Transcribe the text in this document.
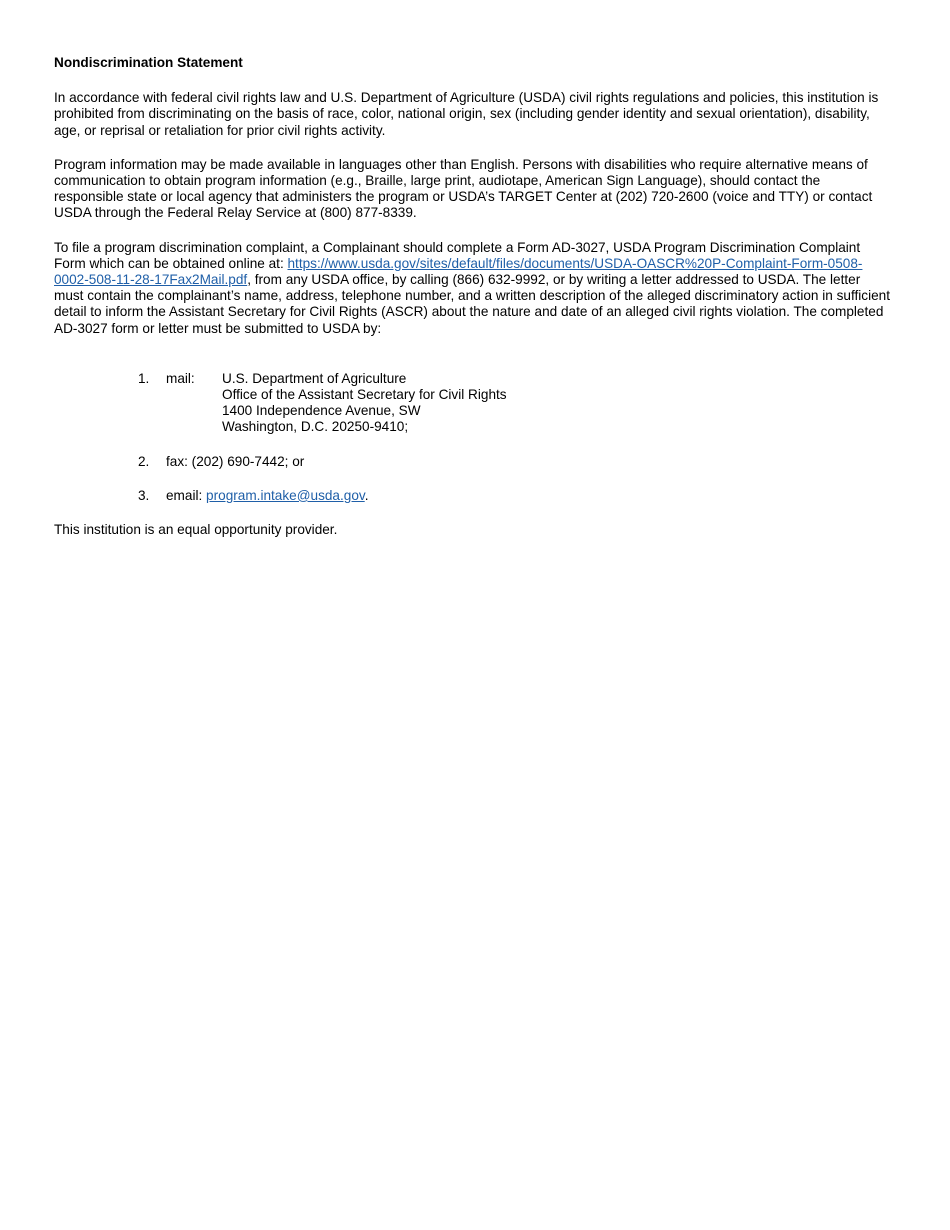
Nondiscrimination Statement

In accordance with federal civil rights law and U.S. Department of Agriculture (USDA) civil rights regulations and policies, this institution is prohibited from discriminating on the basis of race, color, national origin, sex (including gender identity and sexual orientation), disability, age, or reprisal or retaliation for prior civil rights activity.

Program information may be made available in languages other than English. Persons with disabilities who require alternative means of communication to obtain program information (e.g., Braille, large print, audiotape, American Sign Language), should contact the responsible state or local agency that administers the program or USDA’s TARGET Center at (202) 720-2600 (voice and TTY) or contact USDA through the Federal Relay Service at (800) 877-8339.

To file a program discrimination complaint, a Complainant should complete a Form AD-3027, USDA Program Discrimination Complaint Form which can be obtained online at: https://www.usda.gov/sites/default/files/documents/USDA-OASCR%20P-Complaint-Form-0508-0002-508-11-28-17Fax2Mail.pdf, from any USDA office, by calling (866) 632-9992, or by writing a letter addressed to USDA. The letter must contain the complainant’s name, address, telephone number, and a written description of the alleged discriminatory action in sufficient detail to inform the Assistant Secretary for Civil Rights (ASCR) about the nature and date of an alleged civil rights violation. The completed AD-3027 form or letter must be submitted to USDA by:

1. mail:	U.S. Department of Agriculture
Office of the Assistant Secretary for Civil Rights
1400 Independence Avenue, SW
Washington, D.C. 20250-9410;
2. fax: (202) 690-7442; or
3. email: program.intake@usda.gov.

This institution is an equal opportunity provider.
